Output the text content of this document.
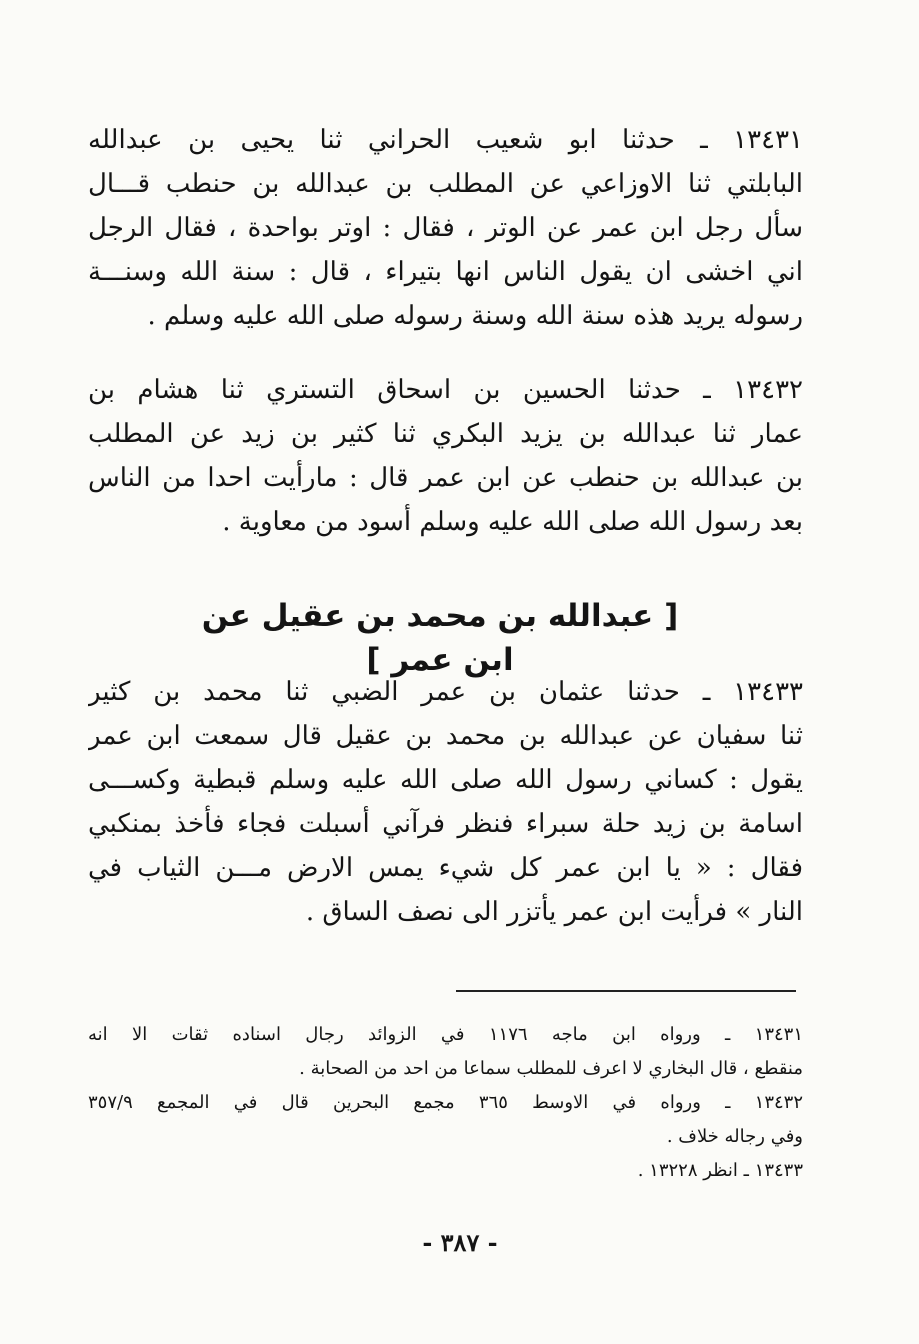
١٣٤٣١ ـ حدثنا ابو شعيب الحراني ثنا يحيى بن عبدالله
البابلتي ثنا الاوزاعي عن المطلب بن عبدالله بن حنطب قـــال
سأل رجل ابن عمر عن الوتر ، فقال : اوتر بواحدة ، فقال الرجل
اني اخشى ان يقول الناس انها بتيراء ، قال : سنة الله وسنـــة
رسوله يريد هذه سنة الله وسنة رسوله صلى الله عليه وسلم .
١٣٤٣٢ ـ حدثنا الحسين بن اسحاق التستري ثنا هشام بن
عمار ثنا عبدالله بن يزيد البكري ثنا كثير بن زيد عن المطلب
بن عبدالله بن حنطب عن ابن عمر قال : مارأيت احدا من الناس
بعد رسول الله صلى الله عليه وسلم أسود من معاوية .
[ عبدالله بن محمد بن عقيل عن ابن عمر ]
١٣٤٣٣ ـ حدثنا عثمان بن عمر الضبي ثنا محمد بن كثير
ثنا سفيان عن عبدالله بن محمد بن عقيل قال سمعت ابن عمر
يقول : كساني رسول الله صلى الله عليه وسلم قبطية وكســـى
اسامة بن زيد حلة سبراء فنظر فرآني أسبلت فجاء فأخذ بمنكبي
فقال : « يا ابن عمر كل شيء يمس الارض مـــن الثياب في
النار » فرأيت ابن عمر يأتزر الى نصف الساق .
١٣٤٣١ ـ ورواه ابن ماجه ١١٧٦ في الزوائد رجال اسناده ثقات الا انه
منقطع ، قال البخاري لا اعرف للمطلب سماعا من احد من الصحابة .
١٣٤٣٢ ـ ورواه في الاوسط ٣٦٥ مجمع البحرين قال في المجمع ٣٥٧/٩
وفي رجاله خلاف .
١٣٤٣٣ ـ انظر ١٣٢٢٨ .
- ٣٨٧ -
